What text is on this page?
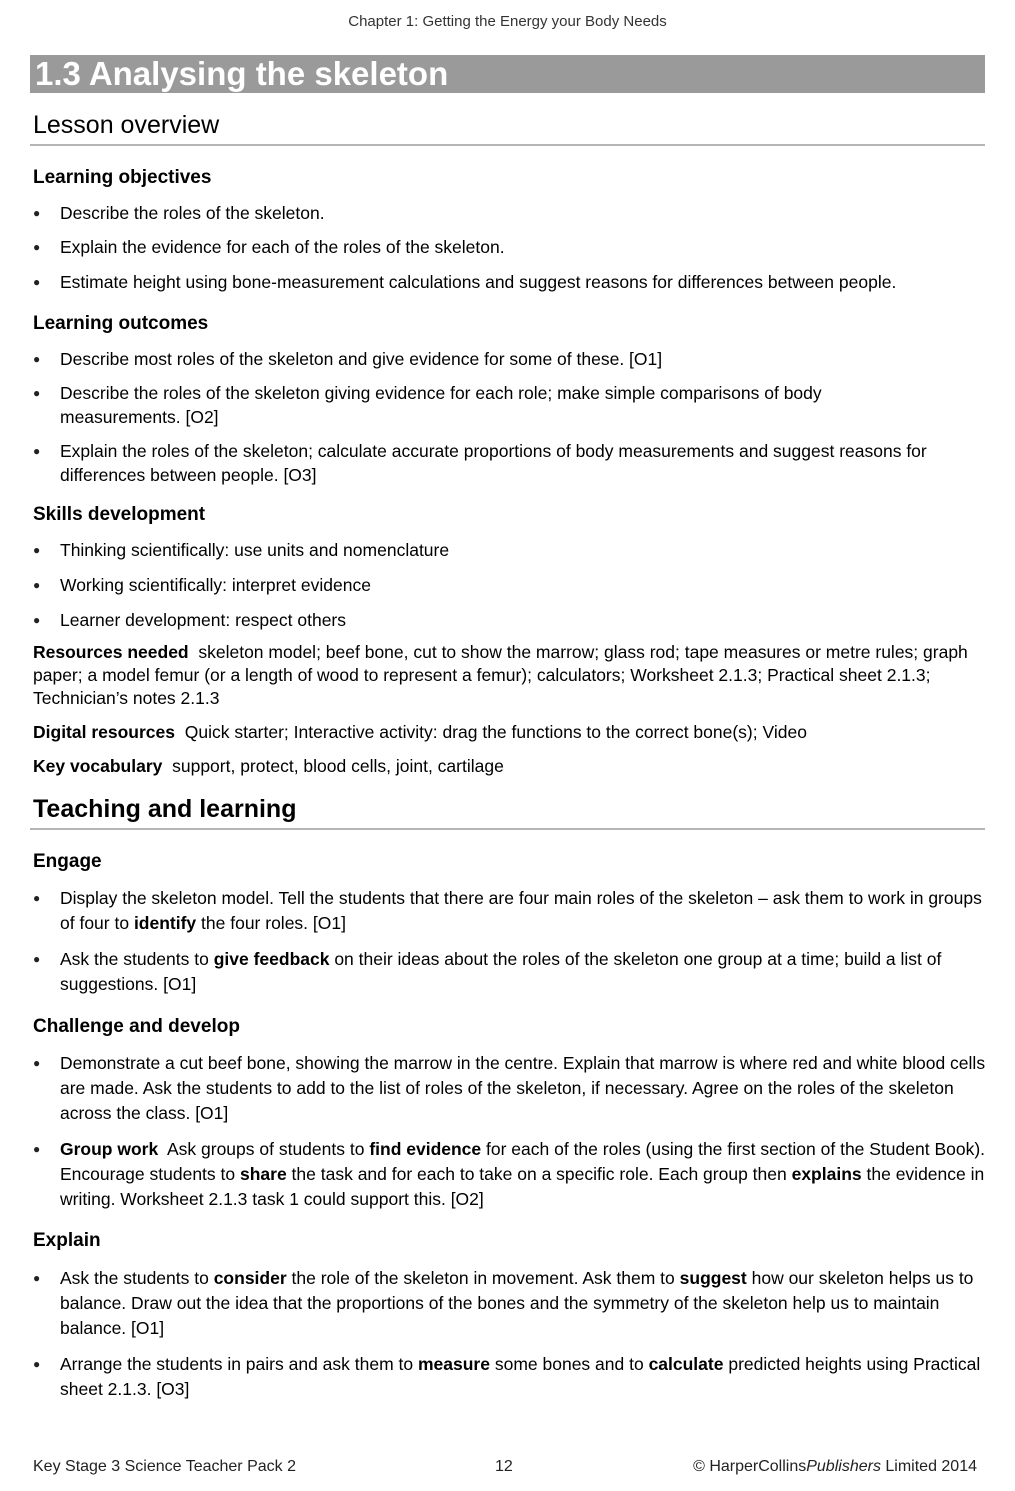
Chapter 1: Getting the Energy your Body Needs
1.3 Analysing the skeleton
Lesson overview
Learning objectives
● Describe the roles of the skeleton.
● Explain the evidence for each of the roles of the skeleton.
● Estimate height using bone-measurement calculations and suggest reasons for differences between people.
Learning outcomes
● Describe most roles of the skeleton and give evidence for some of these. [O1]
● Describe the roles of the skeleton giving evidence for each role; make simple comparisons of body measurements. [O2]
● Explain the roles of the skeleton; calculate accurate proportions of body measurements and suggest reasons for differences between people. [O3]
Skills development
● Thinking scientifically: use units and nomenclature
● Working scientifically: interpret evidence
● Learner development: respect others

Resources needed skeleton model; beef bone, cut to show the marrow; glass rod; tape measures or metre rules; graph paper; a model femur (or a length of wood to represent a femur); calculators; Worksheet 2.1.3; Practical sheet 2.1.3; Technician’s notes 2.1.3

Digital resources Quick starter; Interactive activity: drag the functions to the correct bone(s); Video

Key vocabulary support, protect, blood cells, joint, cartilage

Teaching and learning
Engage
● Display the skeleton model. Tell the students that there are four main roles of the skeleton – ask them to work in groups of four to identify the four roles. [O1]
● Ask the students to give feedback on their ideas about the roles of the skeleton one group at a time; build a list of suggestions. [O1]
Challenge and develop
● Demonstrate a cut beef bone, showing the marrow in the centre. Explain that marrow is where red and white blood cells are made. Ask the students to add to the list of roles of the skeleton, if necessary. Agree on the roles of the skeleton across the class. [O1]
● Group work Ask groups of students to find evidence for each of the roles (using the first section of the Student Book). Encourage students to share the task and for each to take on a specific role. Each group then explains the evidence in writing. Worksheet 2.1.3 task 1 could support this. [O2]
Explain
● Ask the students to consider the role of the skeleton in movement. Ask them to suggest how our skeleton helps us to balance. Draw out the idea that the proportions of the bones and the symmetry of the skeleton help us to maintain balance. [O1]
● Arrange the students in pairs and ask them to measure some bones and to calculate predicted heights using Practical sheet 2.1.3. [O3]
Key Stage 3 Science Teacher Pack 2	12	© HarperCollinsPublishers Limited 2014
